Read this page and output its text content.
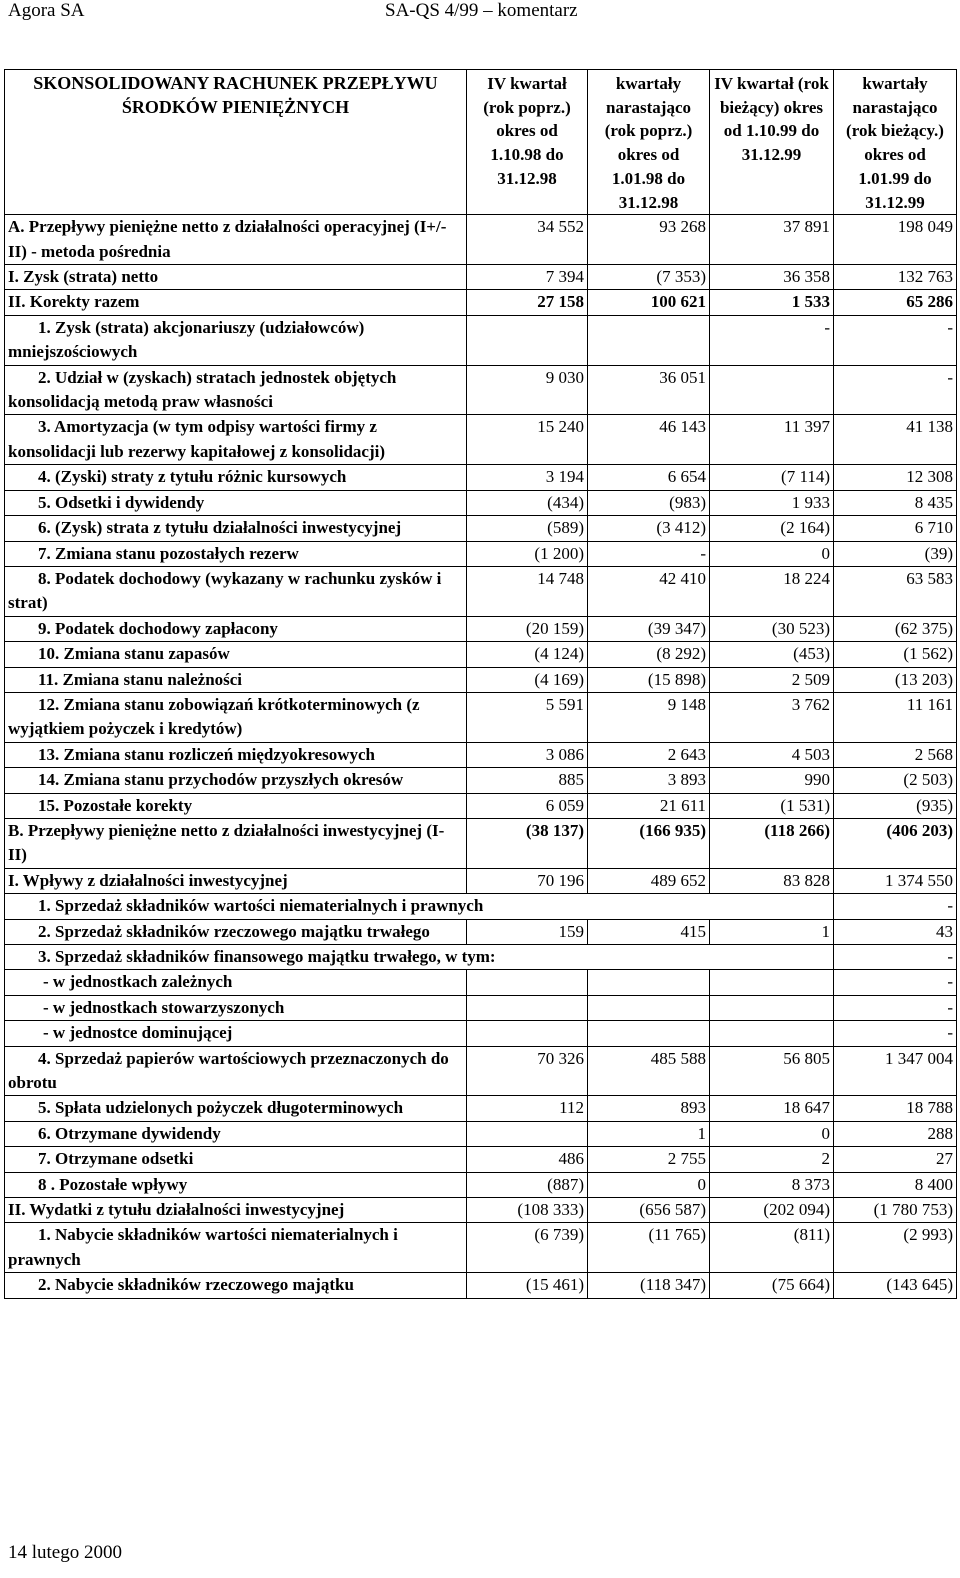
Agora SA	SA-QS 4/99 – komentarz
SKONSOLIDOWANY RACHUNEK PRZEPŁYWU ŚRODKÓW PIENIĘŻNYCH	IV kwartał (rok poprz.) okres od 1.10.98 do 31.12.98	kwartały narastająco (rok poprz.) okres od 1.01.98 do 31.12.98	IV kwartał (rok bieżący) okres od 1.10.99 do 31.12.99	kwartały narastająco (rok bieżący.) okres od 1.01.99 do 31.12.99
A. Przepływy pieniężne netto z działalności operacyjnej (I+/-II) - metoda pośrednia	34 552	93 268	37 891	198 049
I. Zysk (strata) netto	7 394	(7 353)	36 358	132 763
II. Korekty razem	27 158	100 621	1 533	65 286
1. Zysk (strata) akcjonariuszy (udziałowców) mniejszościowych			-	-
2. Udział w (zyskach) stratach jednostek objętych konsolidacją metodą praw własności	9 030	36 051		-
3. Amortyzacja (w tym odpisy wartości firmy z konsolidacji lub rezerwy kapitałowej z konsolidacji)	15 240	46 143	11 397	41 138
4. (Zyski) straty z tytułu różnic kursowych	3 194	6 654	(7 114)	12 308
5. Odsetki i dywidendy	(434)	(983)	1 933	8 435
6. (Zysk) strata z tytułu działalności inwestycyjnej	(589)	(3 412)	(2 164)	6 710
7. Zmiana stanu pozostałych rezerw	(1 200)	-	0	(39)
8. Podatek dochodowy (wykazany w rachunku zysków i strat)	14 748	42 410	18 224	63 583
9. Podatek dochodowy zapłacony	(20 159)	(39 347)	(30 523)	(62 375)
10. Zmiana stanu zapasów	(4 124)	(8 292)	(453)	(1 562)
11. Zmiana stanu należności	(4 169)	(15 898)	2 509	(13 203)
12. Zmiana stanu zobowiązań krótkoterminowych (z wyjątkiem pożyczek i kredytów)	5 591	9 148	3 762	11 161
13. Zmiana stanu rozliczeń międzyokresowych	3 086	2 643	4 503	2 568
14. Zmiana stanu przychodów przyszłych okresów	885	3 893	990	(2 503)
15. Pozostałe korekty	6 059	21 611	(1 531)	(935)
B. Przepływy pieniężne netto z działalności inwestycyjnej (I-II)	(38 137)	(166 935)	(118 266)	(406 203)
I. Wpływy z działalności inwestycyjnej	70 196	489 652	83 828	1 374 550
1. Sprzedaż składników wartości niematerialnych i prawnych				-
2. Sprzedaż składników rzeczowego majątku trwałego	159	415	1	43
3. Sprzedaż składników finansowego majątku trwałego, w tym:				-
- w jednostkach zależnych				-
- w jednostkach stowarzyszonych				-
- w jednostce dominującej				-
4. Sprzedaż papierów wartościowych przeznaczonych do obrotu	70 326	485 588	56 805	1 347 004
5. Spłata udzielonych pożyczek długoterminowych	112	893	18 647	18 788
6. Otrzymane dywidendy		1	0	288
7. Otrzymane odsetki	486	2 755	2	27
8 . Pozostałe wpływy	(887)	0	8 373	8 400
II. Wydatki z tytułu działalności inwestycyjnej	(108 333)	(656 587)	(202 094)	(1 780 753)
1. Nabycie składników wartości niematerialnych i prawnych	(6 739)	(11 765)	(811)	(2 993)
2. Nabycie składników rzeczowego majątku	(15 461)	(118 347)	(75 664)	(143 645)
14 lutego 2000
